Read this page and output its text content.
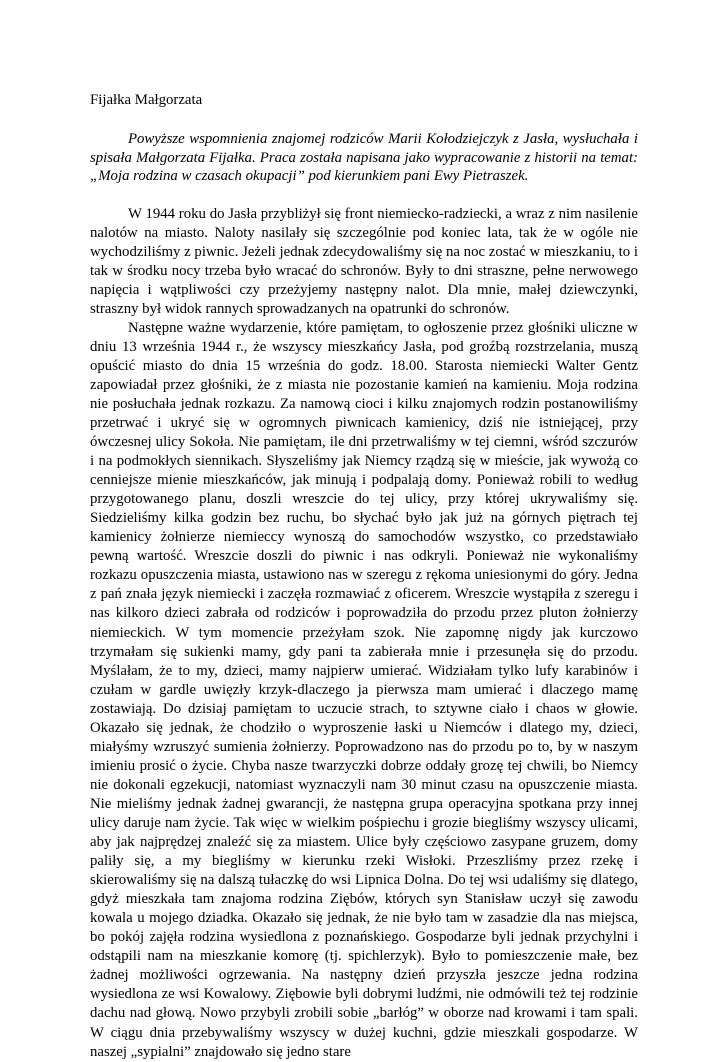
Fijałka Małgorzata

Powyższe wspomnienia znajomej rodziców Marii Kołodziejczyk z Jasła, wysłuchała i spisała Małgorzata Fijałka. Praca została napisana jako wypracowanie z historii na temat: „Moja rodzina w czasach okupacji” pod kierunkiem pani Ewy Pietraszek.

W 1944 roku do Jasła przybliżył się front niemiecko-radziecki, a wraz z nim nasilenie nalotów na miasto. Naloty nasilały się szczególnie pod koniec lata, tak że w ogóle nie wychodziliśmy z piwnic. Jeżeli jednak zdecydowaliśmy się na noc zostać w mieszkaniu, to i tak w środku nocy trzeba było wracać do schronów. Były to dni straszne, pełne nerwowego napięcia i wątpliwości czy przeżyjemy następny nalot. Dla mnie, małej dziewczynki, straszny był widok rannych sprowadzanych na opatrunki do schronów.

Następne ważne wydarzenie, które pamiętam, to ogłoszenie przez głośniki uliczne w dniu 13 września 1944 r., że wszyscy mieszkańcy Jasła, pod groźbą rozstrzelania, muszą opuścić miasto do dnia 15 września do godz. 18.00. Starosta niemiecki Walter Gentz zapowiadał przez głośniki, że z miasta nie pozostanie kamień na kamieniu. Moja rodzina nie posłuchała jednak rozkazu. Za namową cioci i kilku znajomych rodzin postanowiliśmy przetrwać i ukryć się w ogromnych piwnicach kamienicy, dziś nie istniejącej, przy ówczesnej ulicy Sokoła. Nie pamiętam, ile dni przetrwaliśmy w tej ciemni, wśród szczurów i na podmokłych siennikach. Słyszeliśmy jak Niemcy rządzą się w mieście, jak wywożą co cenniejsze mienie mieszkańców, jak minują i podpalają domy. Ponieważ robili to według przygotowanego planu, doszli wreszcie do tej ulicy, przy której ukrywaliśmy się. Siedzieliśmy kilka godzin bez ruchu, bo słychać było jak już na górnych piętrach tej kamienicy żołnierze niemieccy wynoszą do samochodów wszystko, co przedstawiało pewną wartość. Wreszcie doszli do piwnic i nas odkryli. Ponieważ nie wykonaliśmy rozkazu opuszczenia miasta, ustawiono nas w szeregu z rękoma uniesionymi do góry. Jedna z pań znała język niemiecki i zaczęła rozmawiać z oficerem. Wreszcie wystąpiła z szeregu i nas kilkoro dzieci zabrała od rodziców i poprowadziła do przodu przez pluton żołnierzy niemieckich. W tym momencie przeżyłam szok. Nie zapomnę nigdy jak kurczowo trzymałam się sukienki mamy, gdy pani ta zabierała mnie i przesunęła się do przodu. Myślałam, że to my, dzieci, mamy najpierw umierać. Widziałam tylko lufy karabinów i czułam w gardle uwięzły krzyk-dlaczego ja pierwsza mam umierać i dlaczego mamę zostawiają. Do dzisiaj pamiętam to uczucie strach, to sztywne ciało i chaos w głowie. Okazało się jednak, że chodziło o wyproszenie łaski u Niemców i dlatego my, dzieci, miałyśmy wzruszyć sumienia żołnierzy. Poprowadzono nas do przodu po to, by w naszym imieniu prosić o życie. Chyba nasze twarzyczki dobrze oddały grozę tej chwili, bo Niemcy nie dokonali egzekucji, natomiast wyznaczyli nam 30 minut czasu na opuszczenie miasta. Nie mieliśmy jednak żadnej gwarancji, że następna grupa operacyjna spotkana przy innej ulicy daruje nam życie. Tak więc w wielkim pośpiechu i grozie biegliśmy wszyscy ulicami, aby jak najprędzej znaleźć się za miastem. Ulice były częściowo zasypane gruzem, domy paliły się, a my biegliśmy w kierunku rzeki Wisłoki. Przeszliśmy przez rzekę i skierowaliśmy się na dalszą tułaczkę do wsi Lipnica Dolna. Do tej wsi udaliśmy się dlatego, gdyż mieszkała tam znajoma rodzina Ziębów, których syn Stanisław uczył się zawodu kowala u mojego dziadka. Okazało się jednak, że nie było tam w zasadzie dla nas miejsca, bo pokój zajęła rodzina wysiedlona z poznańskiego. Gospodarze byli jednak przychylni i odstąpili nam na mieszkanie komorę (tj. spichlerzyk). Było to pomieszczenie małe, bez żadnej możliwości ogrzewania. Na następny dzień przyszła jeszcze jedna rodzina wysiedlona ze wsi Kowalowy. Ziębowie byli dobrymi ludźmi, nie odmówili też tej rodzinie dachu nad głową. Nowo przybyli zrobili sobie „barłóg” w oborze nad krowami i tam spali. W ciągu dnia przebywaliśmy wszyscy w dużej kuchni, gdzie mieszkali gospodarze. W naszej „sypialni” znajdowało się jedno stare
